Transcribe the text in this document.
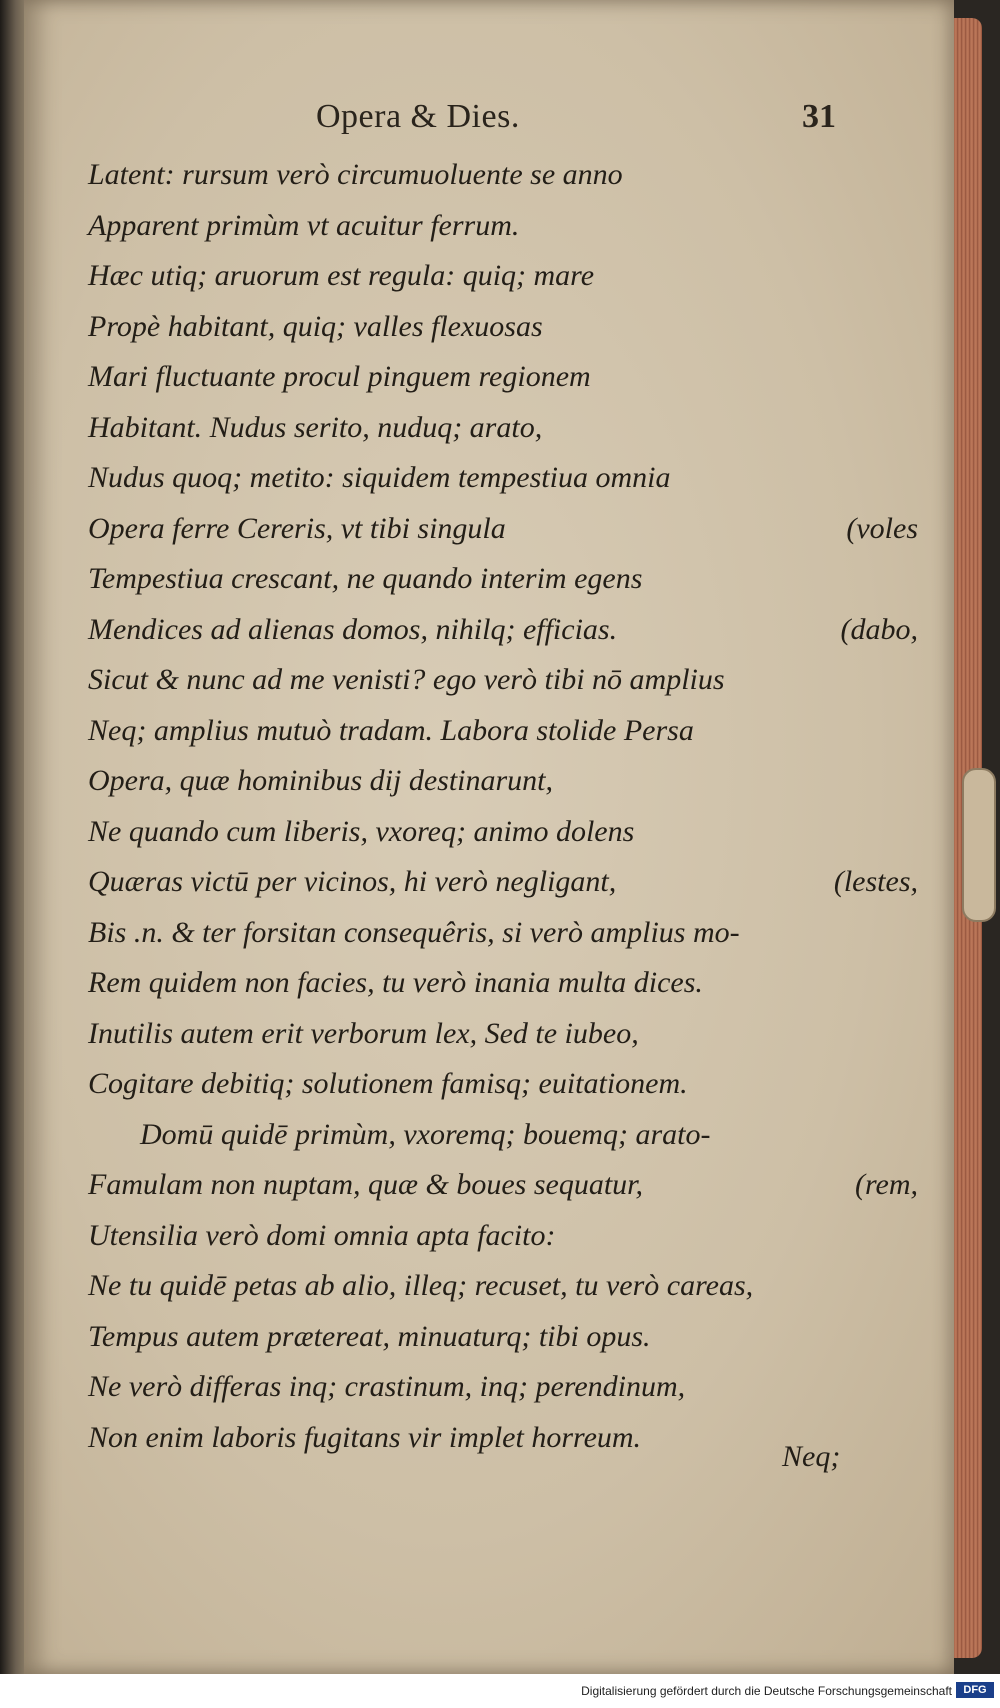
Opera & Dies.	31
Latent: rursum verò circumuoluente se anno
Apparent primùm vt acuitur ferrum.
Hæc utiq; aruorum est regula: quiq; mare
Propè habitant, quiq; valles flexuosas
Mari fluctuante procul pinguem regionem
Habitant. Nudus serito, nuduq; arato,
Nudus quoq; metito: siquidem tempestiua omnia
Opera ferre Cereris, vt tibi singula	(voles
Tempestiua crescant, ne quando interim egens
Mendices ad alienas domos, nihilq; efficias.	(dabo,
Sicut & nunc ad me venisti? ego verò tibi nō amplius
Neq; amplius mutuò tradam. Labora stolide Persa
Opera, quæ hominibus dij destinarunt,
Ne quando cum liberis, vxoreq; animo dolens
Quæras victū per vicinos, hi verò negligant,	(lestes,
Bis .n. & ter forsitan consequêris, si verò amplius mo-
Rem quidem non facies, tu verò inania multa dices.
Inutilis autem erit verborum lex, Sed te iubeo,
Cogitare debitiq; solutionem famisq; euitationem.
Domū quidē primùm, vxoremq; bouemq; arato-
Famulam non nuptam, quæ & boues sequatur,	(rem,
Utensilia verò domi omnia apta facito:
Ne tu quidē petas ab alio, illeq; recuset, tu verò careas,
Tempus autem prætereat, minuaturq; tibi opus.
Ne verò differas inq; crastinum, inq; perendinum,
Non enim laboris fugitans vir implet horreum.
Neq;
Digitalisierung gefördert durch die Deutsche Forschungsgemeinschaft	DFG
